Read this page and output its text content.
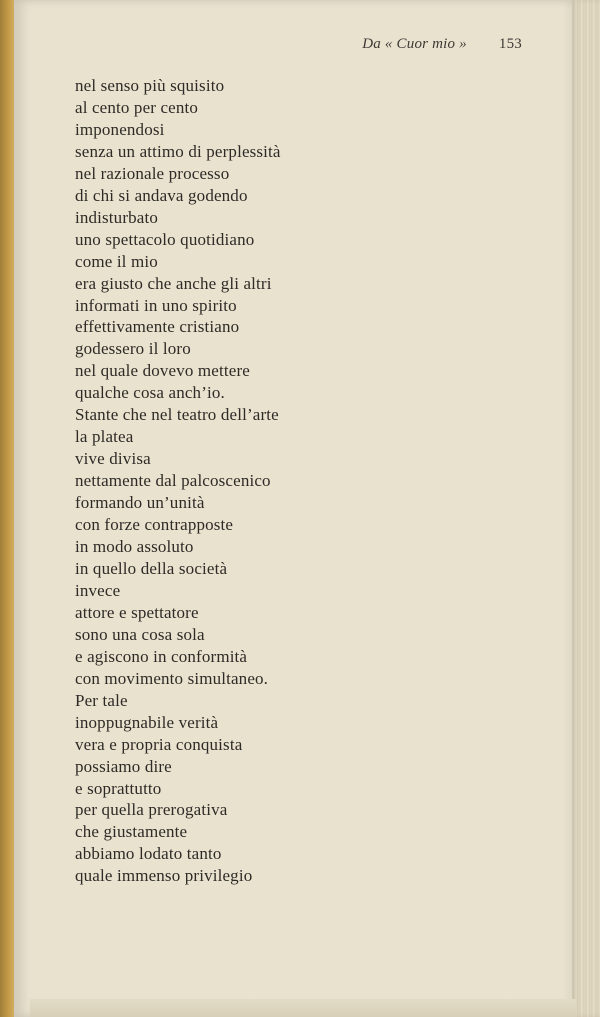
Da « Cuor mio » 153
nel senso più squisito
al cento per cento
imponendosi
senza un attimo di perplessità
nel razionale processo
di chi si andava godendo
indisturbato
uno spettacolo quotidiano
come il mio
era giusto che anche gli altri
informati in uno spirito
effettivamente cristiano
godessero il loro
nel quale dovevo mettere
qualche cosa anch’io.
Stante che nel teatro dell’arte
la platea
vive divisa
nettamente dal palcoscenico
formando un’unità
con forze contrapposte
in modo assoluto
in quello della società
invece
attore e spettatore
sono una cosa sola
e agiscono in conformità
con movimento simultaneo.
Per tale
inoppugnabile verità
vera e propria conquista
possiamo dire
e soprattutto
per quella prerogativa
che giustamente
abbiamo lodato tanto
quale immenso privilegio
